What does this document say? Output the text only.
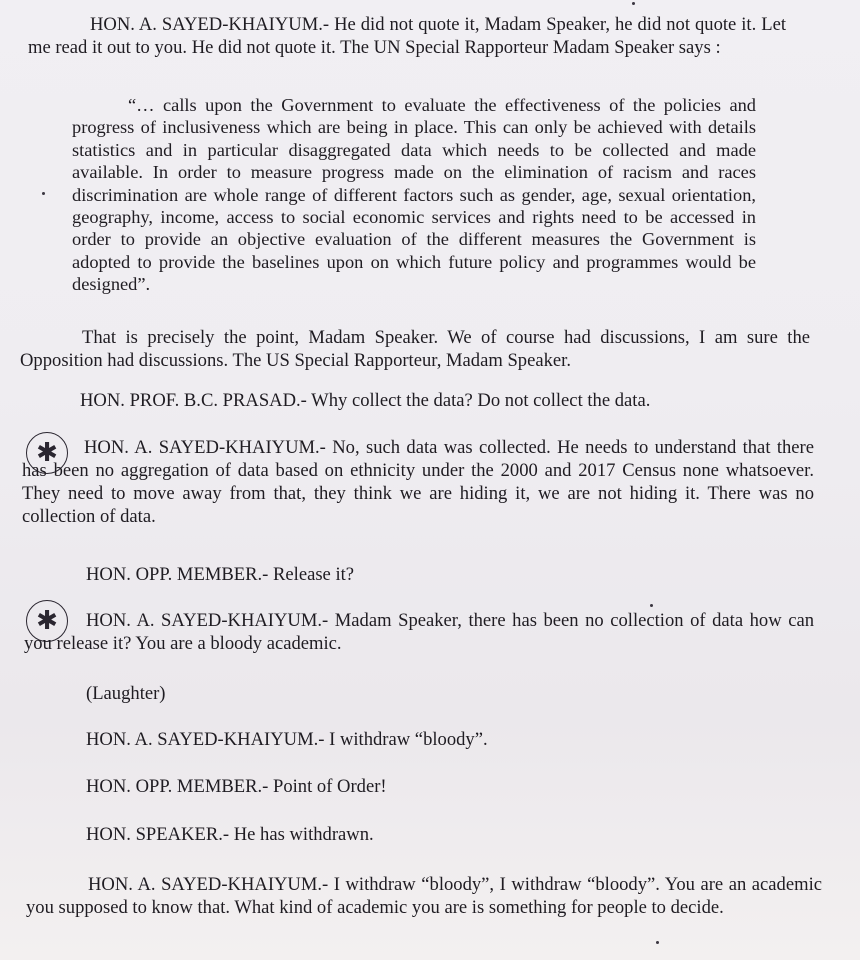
HON. A. SAYED-KHAIYUM.- He did not quote it, Madam Speaker, he did not quote it. Let me read it out to you. He did not quote it. The UN Special Rapporteur Madam Speaker says :

“… calls upon the Government to evaluate the effectiveness of the policies and progress of inclusiveness which are being in place. This can only be achieved with details statistics and in particular disaggregated data which needs to be collected and made available. In order to measure progress made on the elimination of racism and races discrimination are whole range of different factors such as gender, age, sexual orientation, geography, income, access to social economic services and rights need to be accessed in order to provide an objective evaluation of the different measures the Government is adopted to provide the baselines upon on which future policy and programmes would be designed”.

That is precisely the point, Madam Speaker. We of course had discussions, I am sure the Opposition had discussions. The US Special Rapporteur, Madam Speaker.

HON. PROF. B.C. PRASAD.- Why collect the data? Do not collect the data.

✱	HON. A. SAYED-KHAIYUM.- No, such data was collected. He needs to understand that there has been no aggregation of data based on ethnicity under the 2000 and 2017 Census none whatsoever. They need to move away from that, they think we are hiding it, we are not hiding it. There was no collection of data.

HON. OPP. MEMBER.- Release it?

✱	HON. A. SAYED-KHAIYUM.- Madam Speaker, there has been no collection of data how can you release it? You are a bloody academic.

(Laughter)

HON. A. SAYED-KHAIYUM.- I withdraw “bloody”.

HON. OPP. MEMBER.- Point of Order!

HON. SPEAKER.- He has withdrawn.

HON. A. SAYED-KHAIYUM.- I withdraw “bloody”, I withdraw “bloody”. You are an academic you supposed to know that. What kind of academic you are is something for people to decide.
